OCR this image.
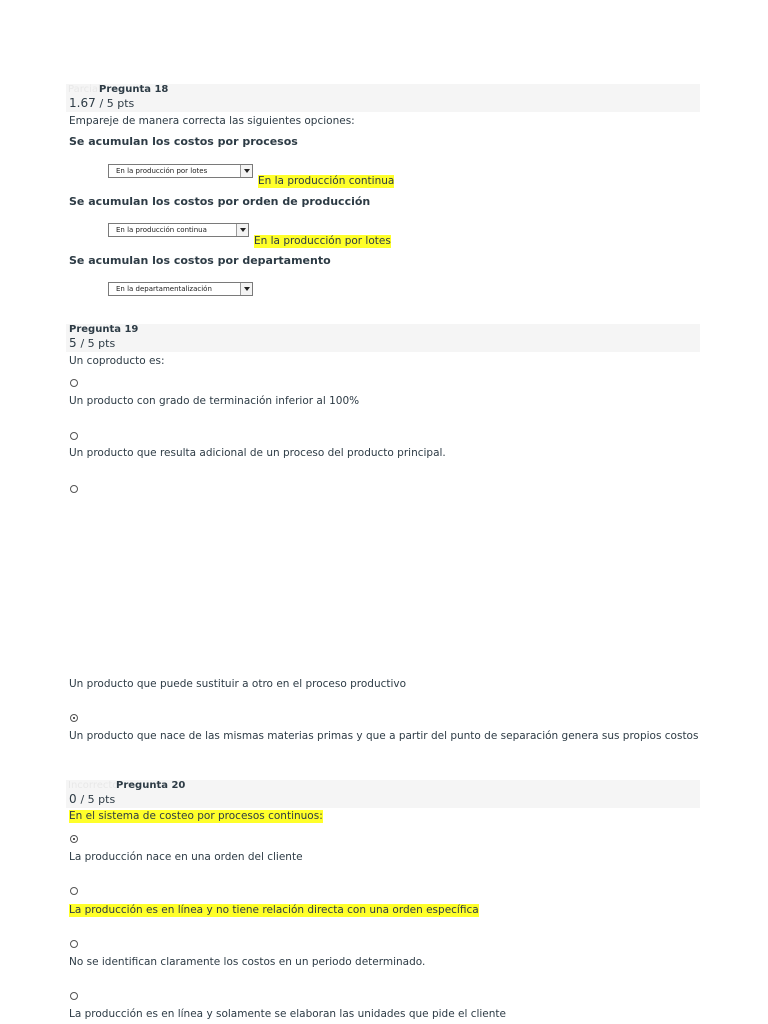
Parcial
Pregunta 18
1.67 / 5 pts
Empareje de manera correcta las siguientes opciones:
Se acumulan los costos por procesos
En la producción por lotes
En la producción continua
Se acumulan los costos por orden de producción
En la producción continua
En la producción por lotes
Se acumulan los costos por departamento
En la departamentalización
Pregunta 19
5 / 5 pts
Un coproducto es:
Un producto con grado de terminación inferior al 100%
Un producto que resulta adicional de un proceso del producto principal.
Un producto que puede sustituir a otro en el proceso productivo
Un producto que nace de las mismas materias primas y que a partir del punto de separación genera sus propios costos
Incorrecto
Pregunta 20
0 / 5 pts
En el sistema de costeo por procesos continuos:
La producción nace en una orden del cliente
La producción es en línea y no tiene relación directa con una orden específica
No se identifican claramente los costos en un periodo determinado.
La producción es en línea y solamente se elaboran las unidades que pide el cliente
